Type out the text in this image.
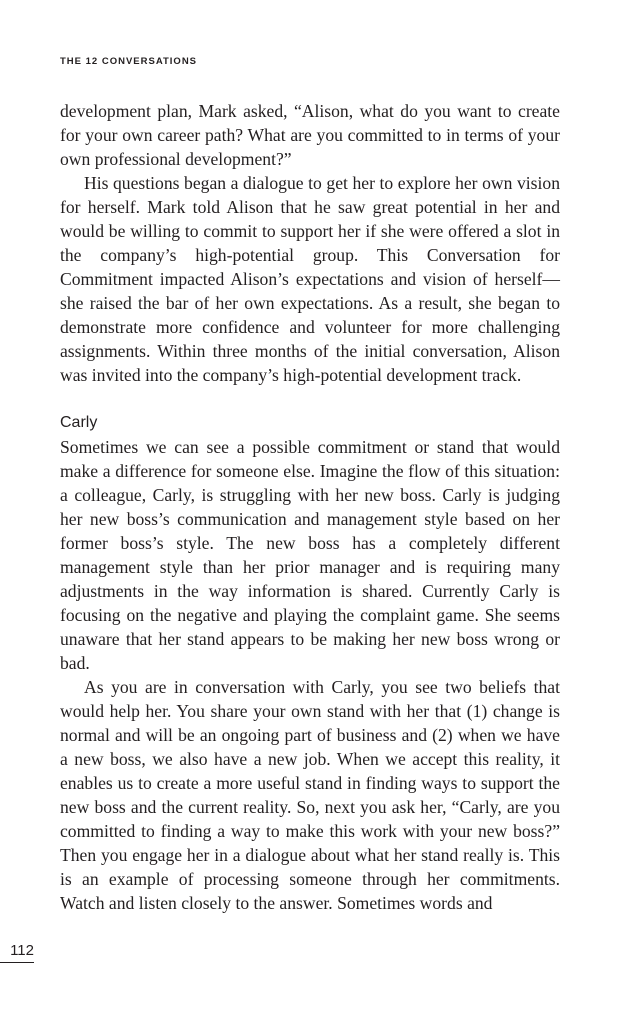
THE 12 CONVERSATIONS

development plan, Mark asked, “Alison, what do you want to create for your own career path? What are you committed to in terms of your own professional development?”

His questions began a dialogue to get her to explore her own vision for herself. Mark told Alison that he saw great potential in her and would be willing to commit to support her if she were offered a slot in the company’s high-potential group. This Conversation for Commitment impacted Alison’s expectations and vision of herself—she raised the bar of her own expectations. As a result, she began to demonstrate more confidence and volunteer for more challenging assignments. Within three months of the initial conversation, Alison was invited into the company’s high-potential development track.

Carly

Sometimes we can see a possible commitment or stand that would make a difference for someone else. Imagine the flow of this situation: a colleague, Carly, is struggling with her new boss. Carly is judging her new boss’s communication and management style based on her former boss’s style. The new boss has a completely different management style than her prior manager and is requiring many adjustments in the way information is shared. Currently Carly is focusing on the negative and playing the complaint game. She seems unaware that her stand appears to be making her new boss wrong or bad.

As you are in conversation with Carly, you see two beliefs that would help her. You share your own stand with her that (1) change is normal and will be an ongoing part of business and (2) when we have a new boss, we also have a new job. When we accept this reality, it enables us to create a more useful stand in finding ways to support the new boss and the current reality. So, next you ask her, “Carly, are you committed to finding a way to make this work with your new boss?” Then you engage her in a dialogue about what her stand really is. This is an example of processing someone through her commitments. Watch and listen closely to the answer. Sometimes words and

112
